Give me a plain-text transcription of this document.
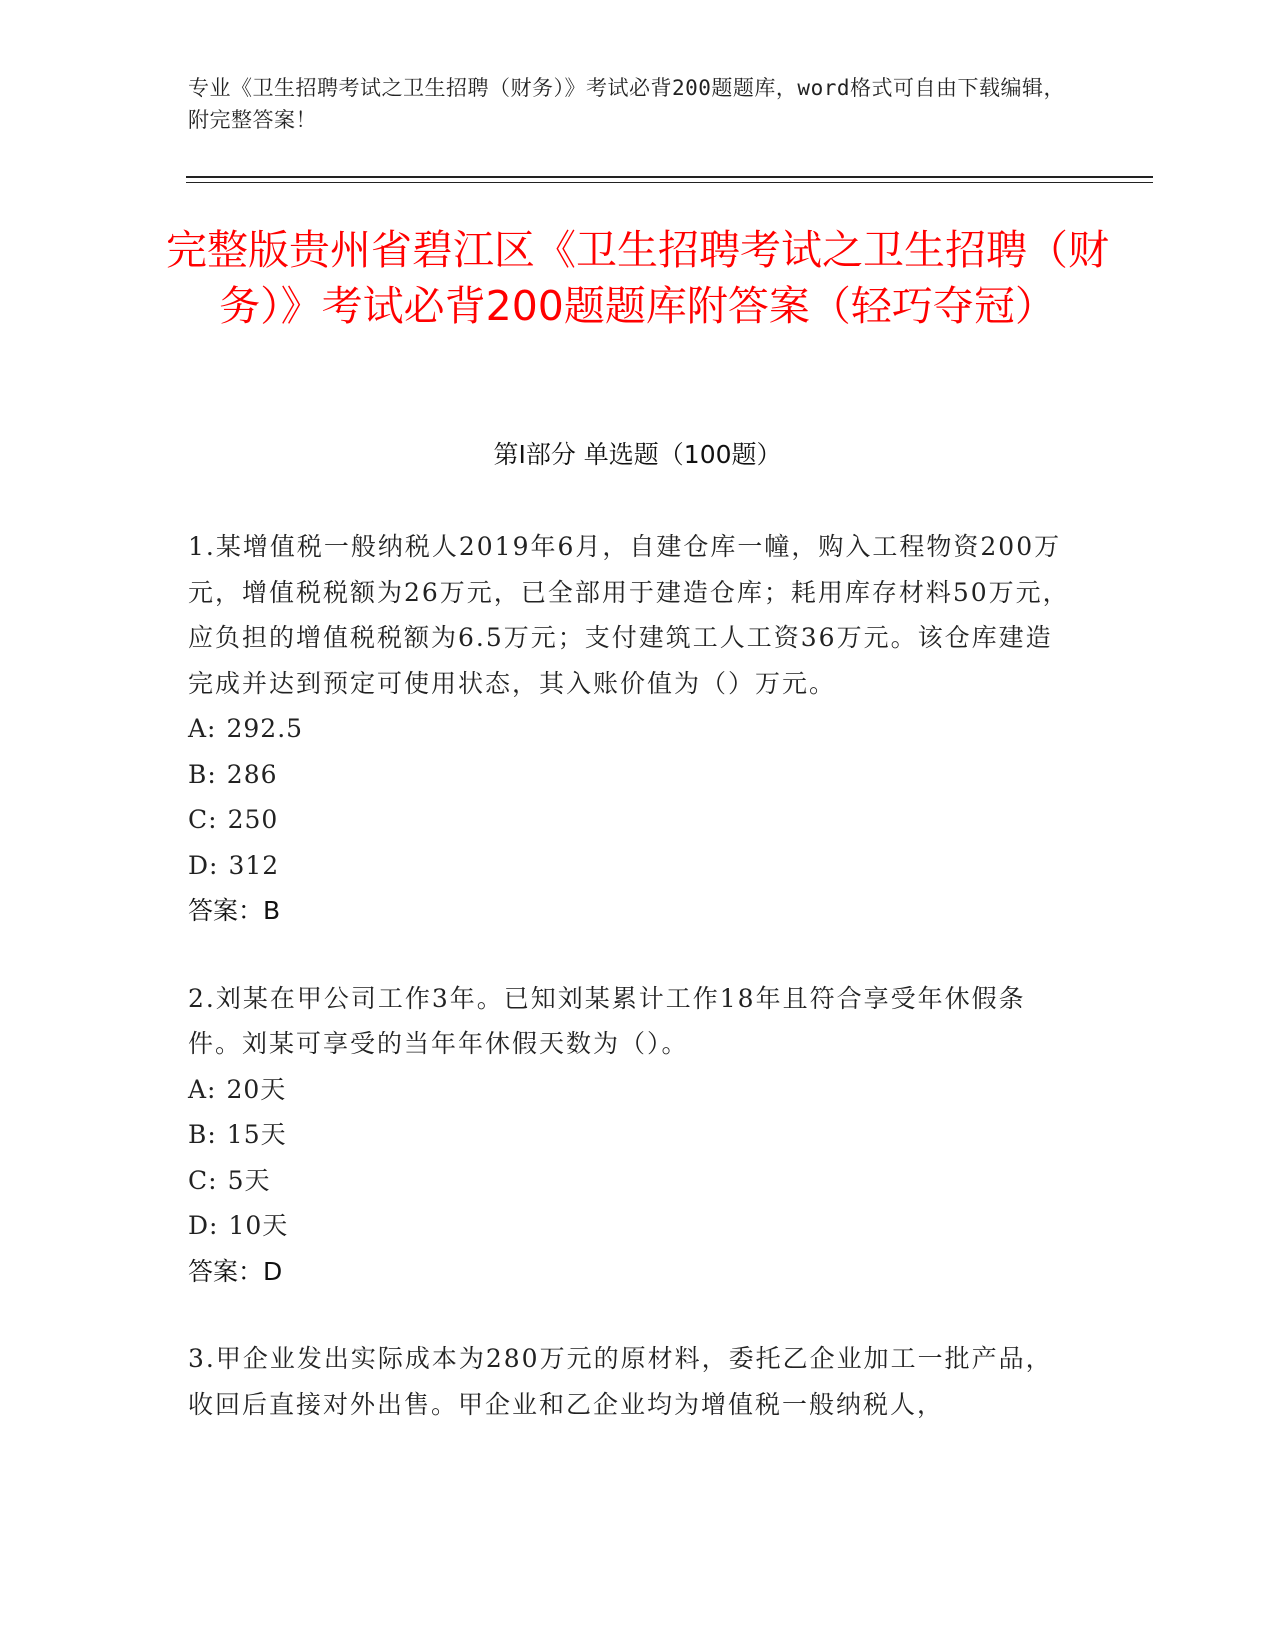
专业《卫生招聘考试之卫生招聘（财务）》考试必背200题题库，word格式可自由下载编辑，附完整答案！
完整版贵州省碧江区《卫生招聘考试之卫生招聘（财务）》考试必背200题题库附答案（轻巧夺冠）
第Ⅰ部分 单选题（100题）
1.某增值税一般纳税人2019年6月，自建仓库一幢，购入工程物资200万元，增值税税额为26万元，已全部用于建造仓库；耗用库存材料50万元，应负担的增值税税额为6.5万元；支付建筑工人工资36万元。该仓库建造完成并达到预定可使用状态，其入账价值为（）万元。
A: 292.5
B: 286
C: 250
D: 312
答案：B
2.刘某在甲公司工作3年。已知刘某累计工作18年且符合享受年休假条件。刘某可享受的当年年休假天数为（）。
A: 20天
B: 15天
C: 5天
D: 10天
答案：D
3.甲企业发出实际成本为280万元的原材料，委托乙企业加工一批产品，收回后直接对外出售。甲企业和乙企业均为增值税一般纳税人，
